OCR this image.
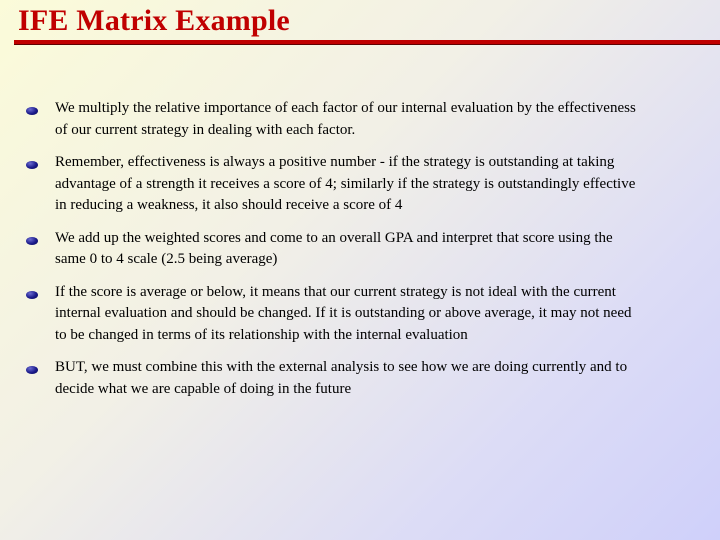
IFE Matrix Example
We multiply the relative importance of each factor of our internal evaluation by the effectiveness of our current strategy in dealing with each factor.
Remember, effectiveness is always a positive number - if the strategy is outstanding at taking advantage of a strength it receives a score of 4; similarly if the strategy is outstandingly effective in reducing a weakness, it also should receive a score of 4
We add up the weighted scores and come to an overall GPA and interpret that score using the same 0 to 4 scale (2.5 being average)
If the score is average or below, it means that our current strategy is not ideal with the current internal evaluation and should be changed. If it is outstanding or above average, it may not need to be changed in terms of its relationship with the internal evaluation
BUT, we must combine this with the external analysis to see how we are doing currently and to decide what we are capable of doing in the future
